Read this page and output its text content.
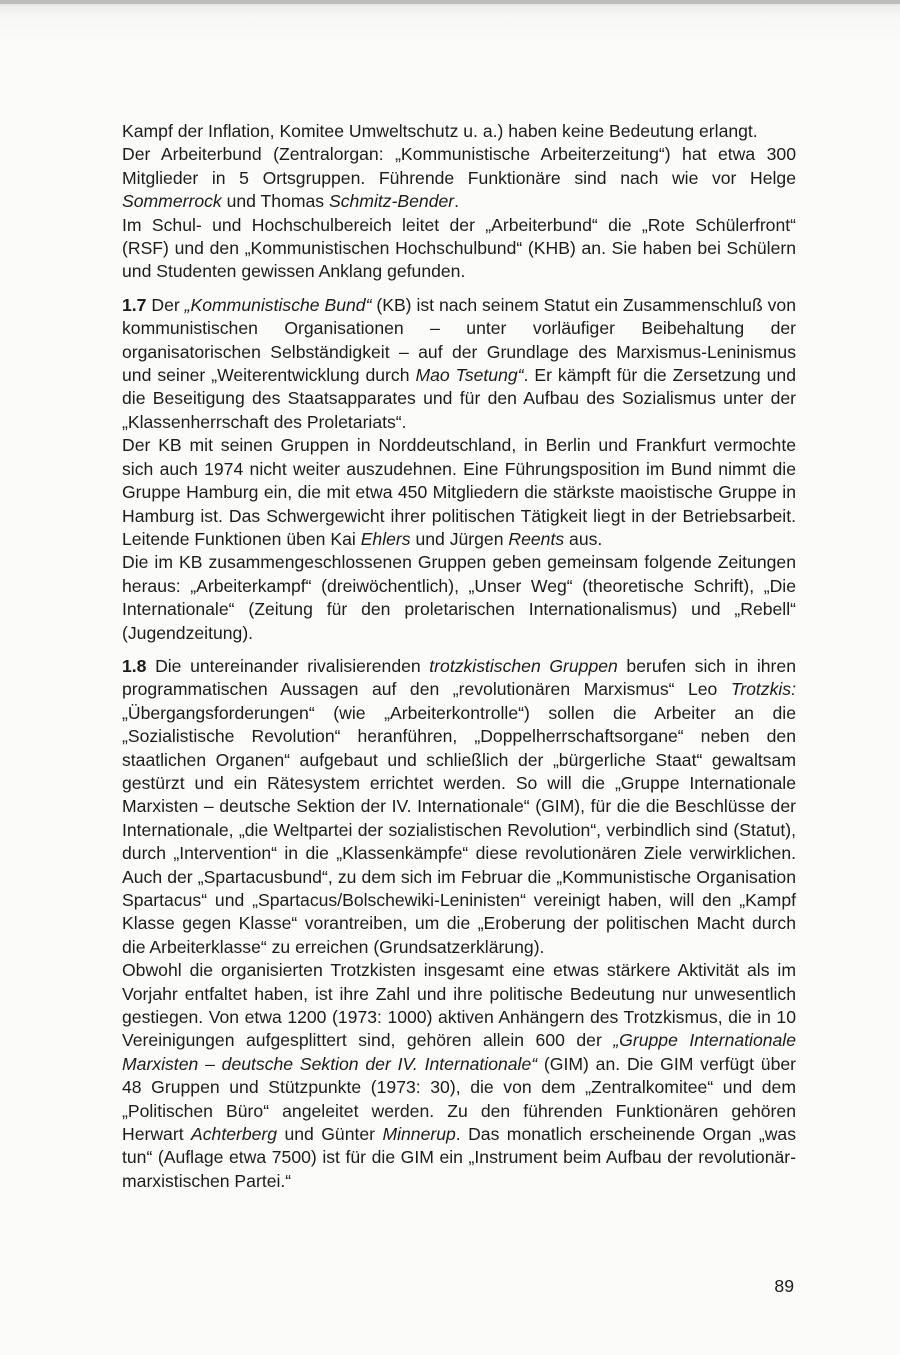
Kampf der Inflation, Komitee Umweltschutz u. a.) haben keine Bedeutung erlangt.

Der Arbeiterbund (Zentralorgan: „Kommunistische Arbeiterzeitung“) hat etwa 300 Mitglieder in 5 Ortsgruppen. Führende Funktionäre sind nach wie vor Helge Sommerrock und Thomas Schmitz-Bender.

Im Schul- und Hochschulbereich leitet der „Arbeiterbund“ die „Rote Schülerfront“ (RSF) und den „Kommunistischen Hochschulbund“ (KHB) an. Sie haben bei Schülern und Studenten gewissen Anklang gefunden.

1.7 Der „Kommunistische Bund“ (KB) ist nach seinem Statut ein Zusammenschluß von kommunistischen Organisationen – unter vorläufiger Beibehaltung der organisatorischen Selbständigkeit – auf der Grundlage des Marxismus-Leninismus und seiner „Weiterentwicklung durch Mao Tsetung“. Er kämpft für die Zersetzung und die Beseitigung des Staatsapparates und für den Aufbau des Sozialismus unter der „Klassenherrschaft des Proletariats“.

Der KB mit seinen Gruppen in Norddeutschland, in Berlin und Frankfurt vermochte sich auch 1974 nicht weiter auszudehnen. Eine Führungsposition im Bund nimmt die Gruppe Hamburg ein, die mit etwa 450 Mitgliedern die stärkste maoistische Gruppe in Hamburg ist. Das Schwergewicht ihrer politischen Tätigkeit liegt in der Betriebsarbeit. Leitende Funktionen üben Kai Ehlers und Jürgen Reents aus.

Die im KB zusammengeschlossenen Gruppen geben gemeinsam folgende Zeitungen heraus: „Arbeiterkampf“ (dreiwöchentlich), „Unser Weg“ (theoretische Schrift), „Die Internationale“ (Zeitung für den proletarischen Internationalismus) und „Rebell“ (Jugendzeitung).

1.8 Die untereinander rivalisierenden trotzkistischen Gruppen berufen sich in ihren programmatischen Aussagen auf den „revolutionären Marxismus“ Leo Trotzkis: „Übergangsforderungen“ (wie „Arbeiterkontrolle“) sollen die Arbeiter an die „Sozialistische Revolution“ heranführen, „Doppelherrschaftsorgane“ neben den staatlichen Organen“ aufgebaut und schließlich der „bürgerliche Staat“ gewaltsam gestürzt und ein Rätesystem errichtet werden. So will die „Gruppe Internationale Marxisten – deutsche Sektion der IV. Internationale“ (GIM), für die die Beschlüsse der Internationale, „die Weltpartei der sozialistischen Revolution“, verbindlich sind (Statut), durch „Intervention“ in die „Klassenkämpfe“ diese revolutionären Ziele verwirklichen. Auch der „Spartacusbund“, zu dem sich im Februar die „Kommunistische Organisation Spartacus“ und „Spartacus/Bolschewiki-Leninisten“ vereinigt haben, will den „Kampf Klasse gegen Klasse“ vorantreiben, um die „Eroberung der politischen Macht durch die Arbeiterklasse“ zu erreichen (Grundsatzerklärung).

Obwohl die organisierten Trotzkisten insgesamt eine etwas stärkere Aktivität als im Vorjahr entfaltet haben, ist ihre Zahl und ihre politische Bedeutung nur unwesentlich gestiegen. Von etwa 1200 (1973: 1000) aktiven Anhängern des Trotzkismus, die in 10 Vereinigungen aufgesplittert sind, gehören allein 600 der „Gruppe Internationale Marxisten – deutsche Sektion der IV. Internationale“ (GIM) an. Die GIM verfügt über 48 Gruppen und Stützpunkte (1973: 30), die von dem „Zentralkomitee“ und dem „Politischen Büro“ angeleitet werden. Zu den führenden Funktionären gehören Herwart Achterberg und Günter Minnerup. Das monatlich erscheinende Organ „was tun“ (Auflage etwa 7500) ist für die GIM ein „Instrument beim Aufbau der revolutionär-marxistischen Partei.“

89
